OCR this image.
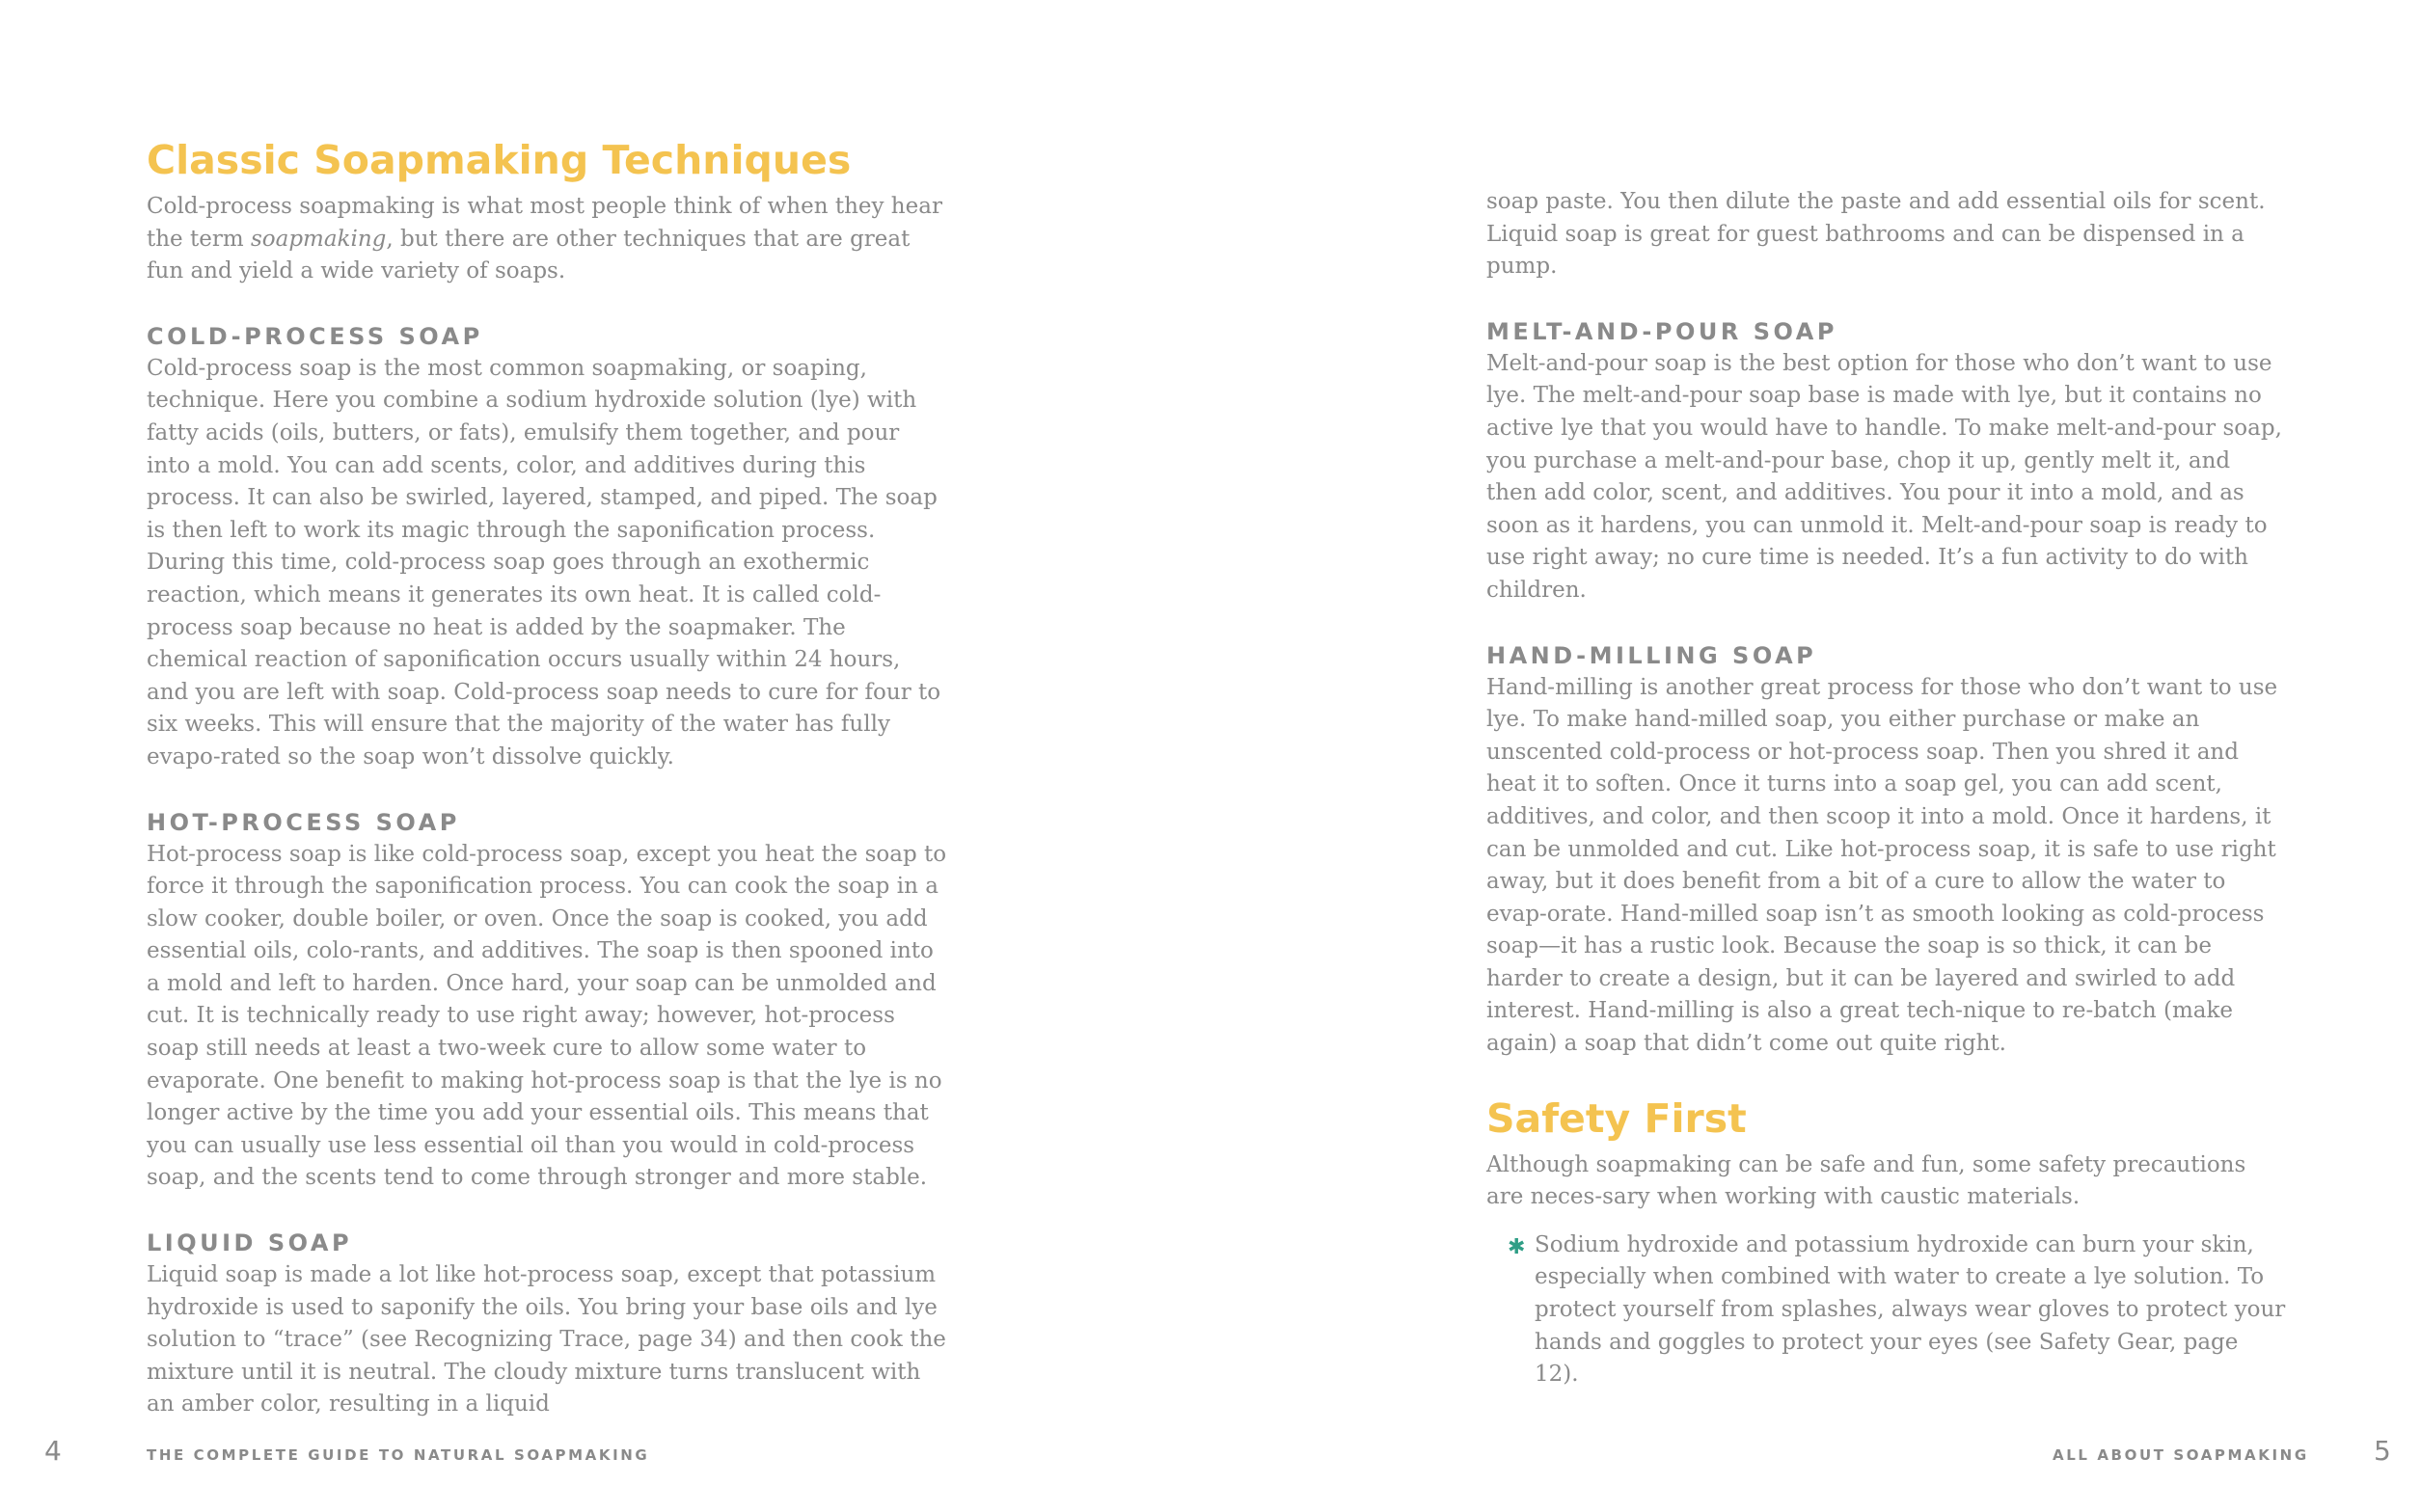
Classic Soapmaking Techniques

Cold-process soapmaking is what most people think of when they hear the term soapmaking, but there are other techniques that are great fun and yield a wide variety of soaps.

COLD-PROCESS SOAP

Cold-process soap is the most common soapmaking, or soaping, technique. Here you combine a sodium hydroxide solution (lye) with fatty acids (oils, butters, or fats), emulsify them together, and pour into a mold. You can add scents, color, and additives during this process. It can also be swirled, layered, stamped, and piped. The soap is then left to work its magic through the saponification process. During this time, cold-process soap goes through an exothermic reaction, which means it generates its own heat. It is called cold-process soap because no heat is added by the soapmaker. The chemical reaction of saponification occurs usually within 24 hours, and you are left with soap. Cold-process soap needs to cure for four to six weeks. This will ensure that the majority of the water has fully evapo-rated so the soap won’t dissolve quickly.

HOT-PROCESS SOAP

Hot-process soap is like cold-process soap, except you heat the soap to force it through the saponification process. You can cook the soap in a slow cooker, double boiler, or oven. Once the soap is cooked, you add essential oils, colo-rants, and additives. The soap is then spooned into a mold and left to harden. Once hard, your soap can be unmolded and cut. It is technically ready to use right away; however, hot-process soap still needs at least a two-week cure to allow some water to evaporate. One benefit to making hot-process soap is that the lye is no longer active by the time you add your essential oils. This means that you can usually use less essential oil than you would in cold-process soap, and the scents tend to come through stronger and more stable.

LIQUID SOAP

Liquid soap is made a lot like hot-process soap, except that potassium hydroxide is used to saponify the oils. You bring your base oils and lye solution to “trace” (see Recognizing Trace, page 34) and then cook the mixture until it is neutral. The cloudy mixture turns translucent with an amber color, resulting in a liquid

4	THE COMPLETE GUIDE TO NATURAL SOAPMAKING

soap paste. You then dilute the paste and add essential oils for scent. Liquid soap is great for guest bathrooms and can be dispensed in a pump.

MELT-AND-POUR SOAP

Melt-and-pour soap is the best option for those who don’t want to use lye. The melt-and-pour soap base is made with lye, but it contains no active lye that you would have to handle. To make melt-and-pour soap, you purchase a melt-and-pour base, chop it up, gently melt it, and then add color, scent, and additives. You pour it into a mold, and as soon as it hardens, you can unmold it. Melt-and-pour soap is ready to use right away; no cure time is needed. It’s a fun activity to do with children.

HAND-MILLING SOAP

Hand-milling is another great process for those who don’t want to use lye. To make hand-milled soap, you either purchase or make an unscented cold-process or hot-process soap. Then you shred it and heat it to soften. Once it turns into a soap gel, you can add scent, additives, and color, and then scoop it into a mold. Once it hardens, it can be unmolded and cut. Like hot-process soap, it is safe to use right away, but it does benefit from a bit of a cure to allow the water to evap-orate. Hand-milled soap isn’t as smooth looking as cold-process soap—it has a rustic look. Because the soap is so thick, it can be harder to create a design, but it can be layered and swirled to add interest. Hand-milling is also a great tech-nique to re-batch (make again) a soap that didn’t come out quite right.

Safety First

Although soapmaking can be safe and fun, some safety precautions are neces-sary when working with caustic materials.

✱ Sodium hydroxide and potassium hydroxide can burn your skin, especially when combined with water to create a lye solution. To protect yourself from splashes, always wear gloves to protect your hands and goggles to protect your eyes (see Safety Gear, page 12).
ALL ABOUT SOAPMAKING 5
